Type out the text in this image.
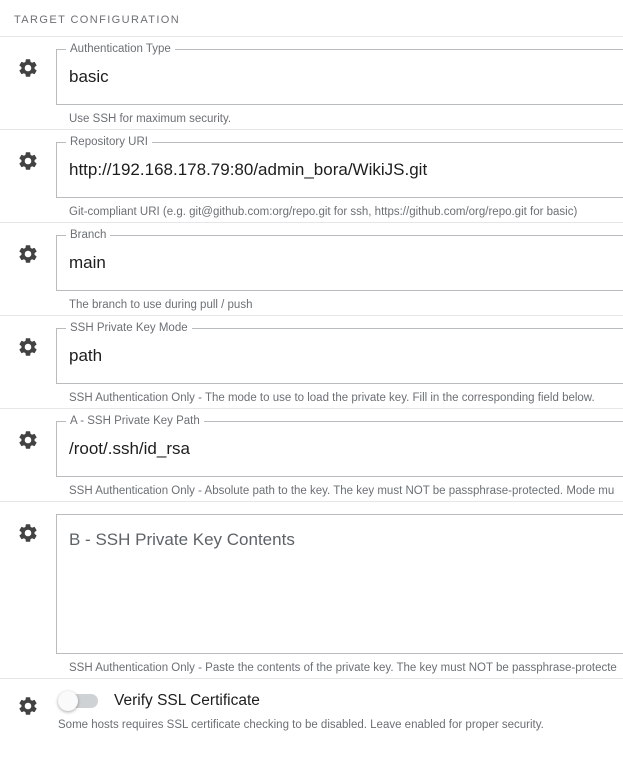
TARGET CONFIGURATION
Authentication Type
basic
Use SSH for maximum security.
Repository URI
http://192.168.178.79:80/admin_bora/WikiJS.git
Git-compliant URI (e.g. git@github.com:org/repo.git for ssh, https://github.com/org/repo.git for basic)
Branch
main
The branch to use during pull / push
SSH Private Key Mode
path
SSH Authentication Only - The mode to use to load the private key. Fill in the corresponding field below.
A - SSH Private Key Path
/root/.ssh/id_rsa
SSH Authentication Only - Absolute path to the key. The key must NOT be passphrase-protected. Mode mu
B - SSH Private Key Contents
SSH Authentication Only - Paste the contents of the private key. The key must NOT be passphrase-protecte
Verify SSL Certificate
Some hosts requires SSL certificate checking to be disabled. Leave enabled for proper security.
